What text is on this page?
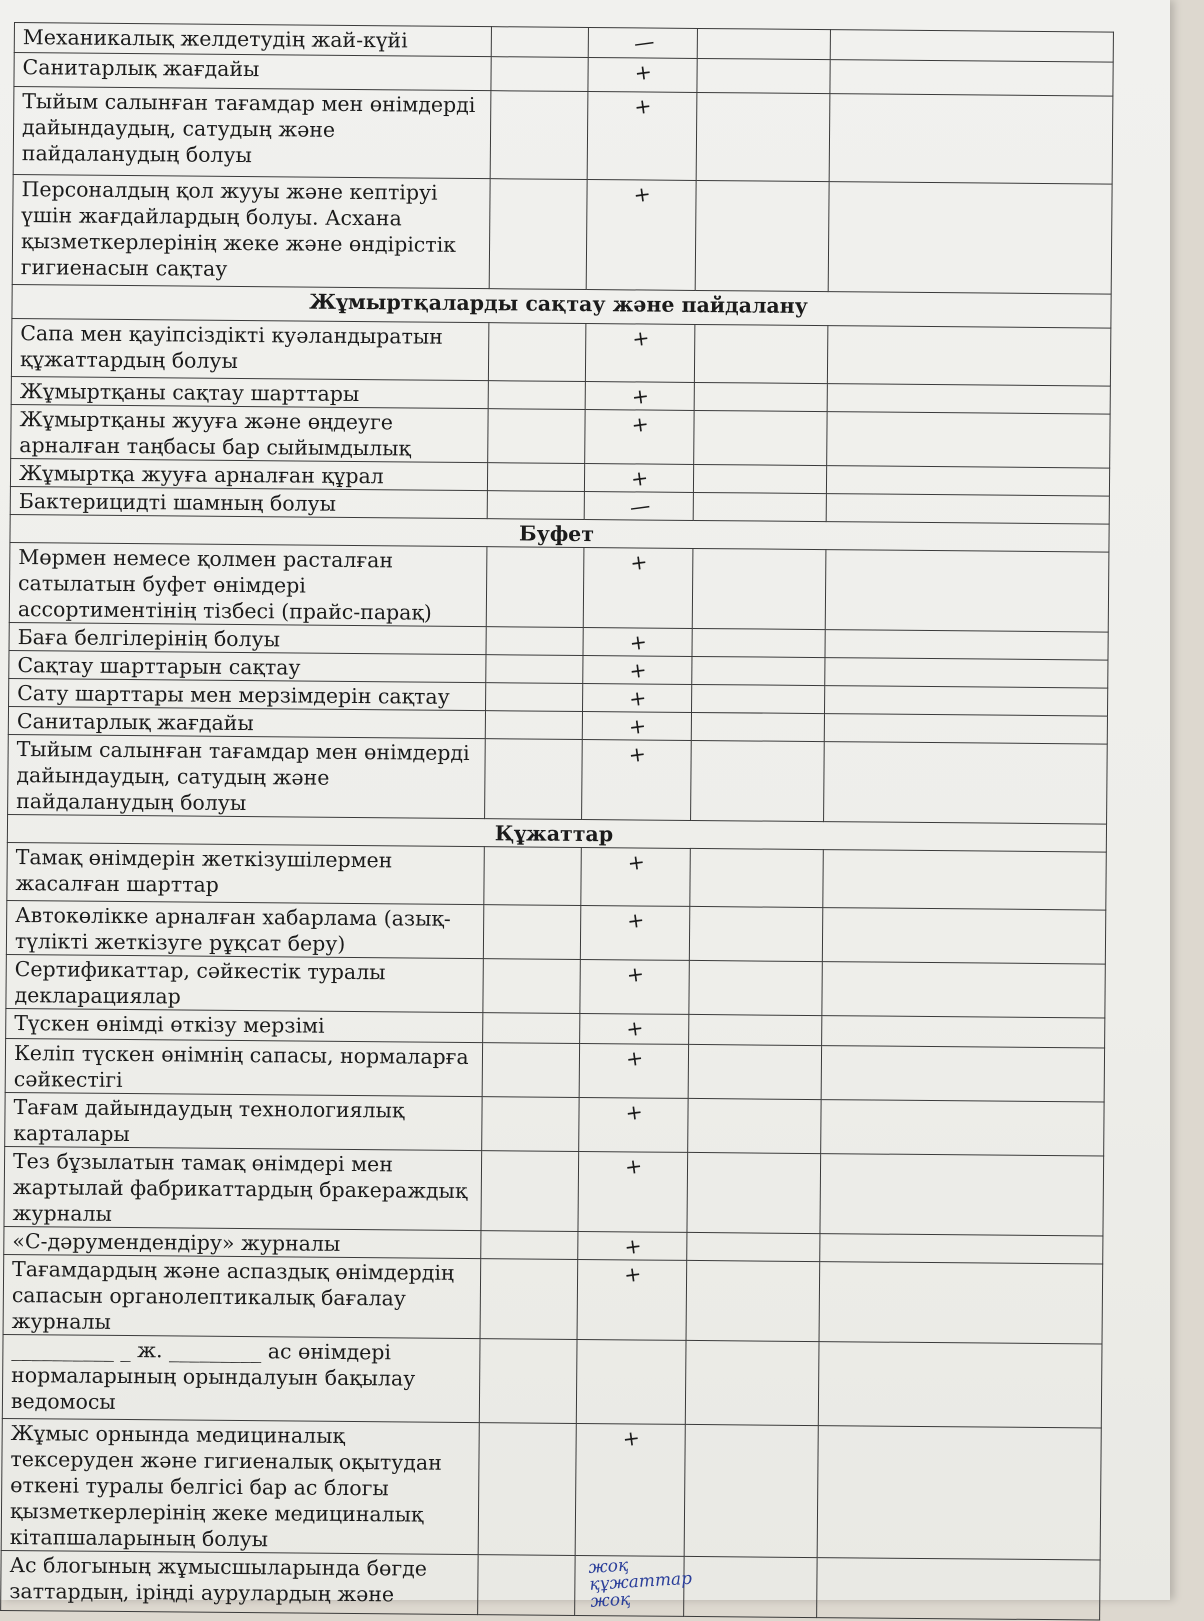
Механикалық желдетудің жай-күйі		—		
Санитарлық жағдайы		+		
Тыйым салынған тағамдар мен өнімдерді дайындаудың, сатудың және пайдаланудың болуы		+		
Персоналдың қол жууы және кептіруі үшін жағдайлардың болуы. Асхана қызметкерлерінің жеке және өндірістік гигиенасын сақтау		+		
Жұмыртқаларды сақтау және пайдалану				
Сапа мен қауіпсіздікті куәландыратын құжаттардың болуы		+		
Жұмыртқаны сақтау шарттары		+		
Жұмыртқаны жууға және өңдеуге арналған таңбасы бар сыйымдылық		+		
Жұмыртқа жууға арналған құрал		+		
Бактерицидті шамның болуы		—		
Буфет				
Мөрмен немесе қолмен расталған сатылатын буфет өнімдері ассортиментінің тізбесі (прайс-парақ)		+		
Баға белгілерінің болуы		+		
Сақтау шарттарын сақтау		+		
Сату шарттары мен мерзімдерін сақтау		+		
Санитарлық жағдайы		+		
Тыйым салынған тағамдар мен өнімдерді дайындаудың, сатудың және пайдаланудың болуы		+		
Құжаттар				
Тамақ өнімдерін жеткізушілермен жасалған шарттар		+		
Автокөлікке арналған хабарлама (азық-түлікті жеткізуге рұқсат беру)		+		
Сертификаттар, сәйкестік туралы декларациялар		+		
Түскен өнімді өткізу мерзімі		+		
Келіп түскен өнімнің сапасы, нормаларға сәйкестігі		+		
Тағам дайындаудың технологиялық карталары		+		
Тез бұзылатын тамақ өнімдері мен жартылай фабрикаттардың бракераждық журналы		+		
«С-дәрумендендіру» журналы		+		
Тағамдардың және аспаздық өнімдердің сапасын органолептикалық бағалау журналы		+		
__________ _ ж. _________ ас өнімдері нормаларының орындалуын бақылау ведомосы				
Жұмыс орнында медициналық тексеруден және гигиеналық оқытудан өткені туралы белгісі бар ас блогы қызметкерлерінің жеке медициналық кітапшаларының болуы		+		
Ас блогының жұмысшыларында бөгде заттардың, іріңді аурулардың және		жоқ құжаттар жоқ		
